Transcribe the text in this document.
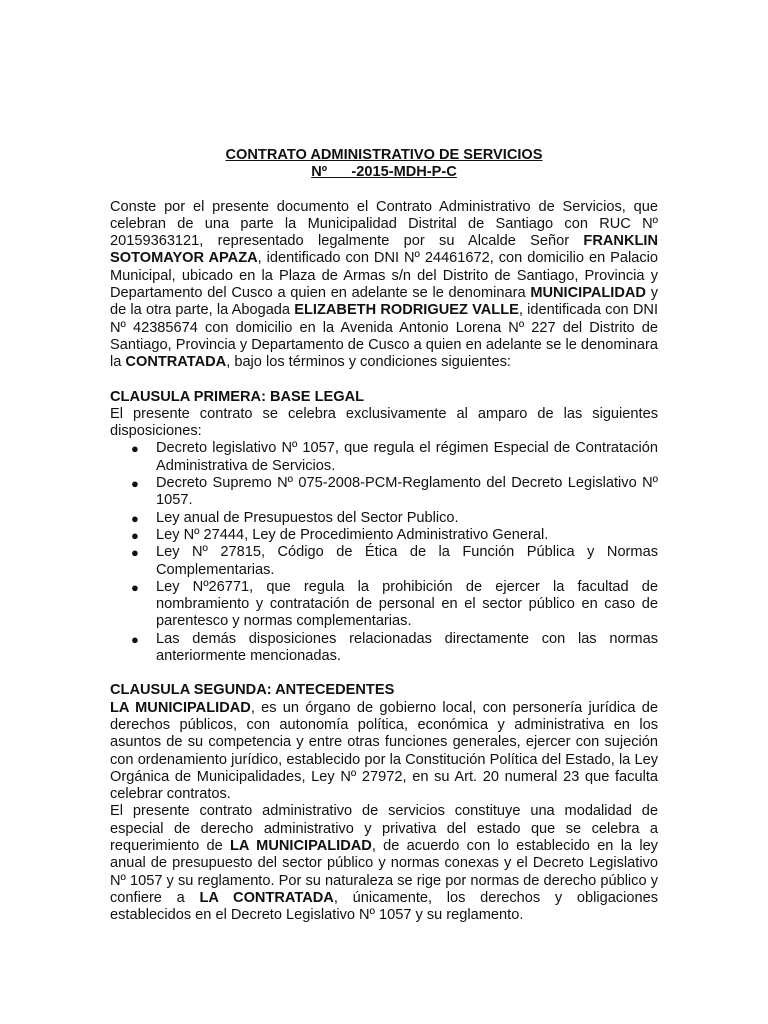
CONTRATO ADMINISTRATIVO DE SERVICIOS
Nº      -2015-MDH-P-C

Conste por el presente documento el Contrato Administrativo de Servicios, que celebran de una parte la Municipalidad Distrital de Santiago con RUC Nº 20159363121, representado legalmente por su Alcalde Señor FRANKLIN SOTOMAYOR APAZA, identificado con DNI Nº 24461672, con domicilio en Palacio Municipal, ubicado en la Plaza de Armas s/n del Distrito de Santiago, Provincia y Departamento del Cusco a quien en adelante se le denominara MUNICIPALIDAD y de la otra parte, la Abogada ELIZABETH RODRIGUEZ VALLE, identificada con DNI Nº 42385674 con domicilio en la Avenida Antonio Lorena Nº 227 del Distrito de Santiago, Provincia y Departamento de Cusco a quien en adelante se le denominara la CONTRATADA, bajo los términos y condiciones siguientes:

CLAUSULA PRIMERA: BASE LEGAL

El presente contrato se celebra exclusivamente al amparo de las siguientes disposiciones:

● Decreto legislativo Nº 1057, que regula el régimen Especial de Contratación Administrativa de Servicios.
● Decreto Supremo Nº 075-2008-PCM-Reglamento del Decreto Legislativo Nº 1057.
● Ley anual de Presupuestos del Sector Publico.
● Ley Nº 27444, Ley de Procedimiento Administrativo General.
● Ley Nº 27815, Código de Ética de la Función Pública y Normas Complementarias.
● Ley Nº26771, que regula la prohibición de ejercer la facultad de nombramiento y contratación de personal en el sector público en caso de parentesco y normas complementarias.
● Las demás disposiciones relacionadas directamente con las normas anteriormente mencionadas.
CLAUSULA SEGUNDA: ANTECEDENTES

LA MUNICIPALIDAD, es un órgano de gobierno local, con personería jurídica de derechos públicos, con autonomía política, económica y administrativa en los asuntos de su competencia y entre otras funciones generales, ejercer con sujeción con ordenamiento jurídico, establecido por la Constitución Política del Estado, la Ley Orgánica de Municipalidades, Ley Nº 27972, en su Art. 20 numeral 23 que faculta celebrar contratos.

El presente contrato administrativo de servicios constituye una modalidad de especial de derecho administrativo y privativa del estado que se celebra a requerimiento de LA MUNICIPALIDAD, de acuerdo con lo establecido en la ley anual de presupuesto del sector público y normas conexas y el Decreto Legislativo Nº 1057 y su reglamento. Por su naturaleza se rige por normas de derecho público y confiere a LA CONTRATADA, únicamente, los derechos y obligaciones establecidos en el Decreto Legislativo Nº 1057 y su reglamento.
